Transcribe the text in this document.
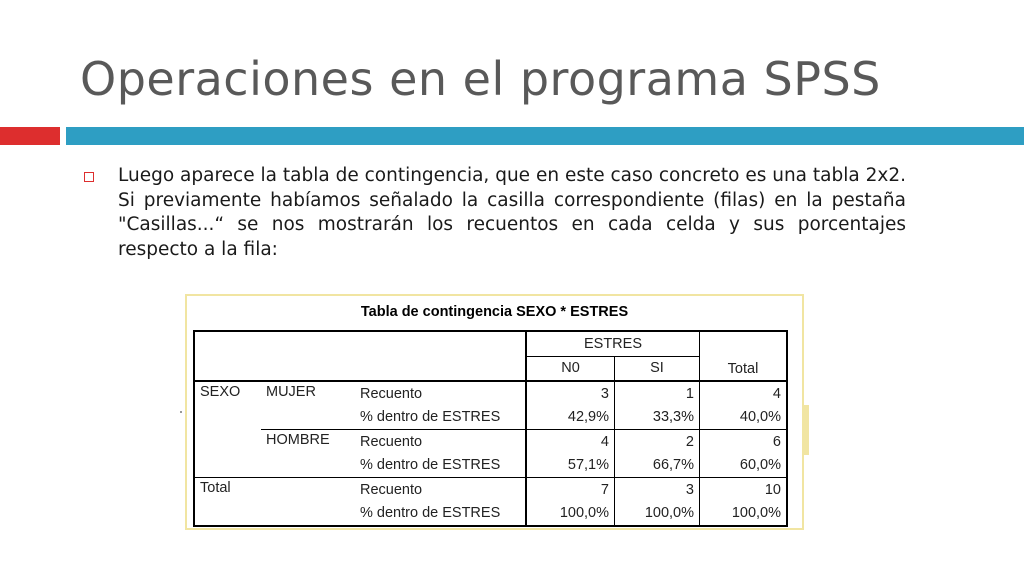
Operaciones en el programa SPSS
Luego aparece la tabla de contingencia, que en este caso concreto es una tabla 2x2. Si previamente habíamos señalado la casilla correspondiente (filas) en la pestaña "Casillas...“ se nos mostrarán los recuentos en cada celda y sus porcentajes respecto a la fila:
Tabla de contingencia SEXO * ESTRES
			ESTRES		Total

			N0	SI	
SEXO	MUJER	Recuento	3	1	4
		% dentro de ESTRES	42,9%	33,3%	40,0%
	HOMBRE	Recuento	4	2	6
		% dentro de ESTRES	57,1%	66,7%	60,0%
Total		Recuento	7	3	10
		% dentro de ESTRES	100,0%	100,0%	100,0%
